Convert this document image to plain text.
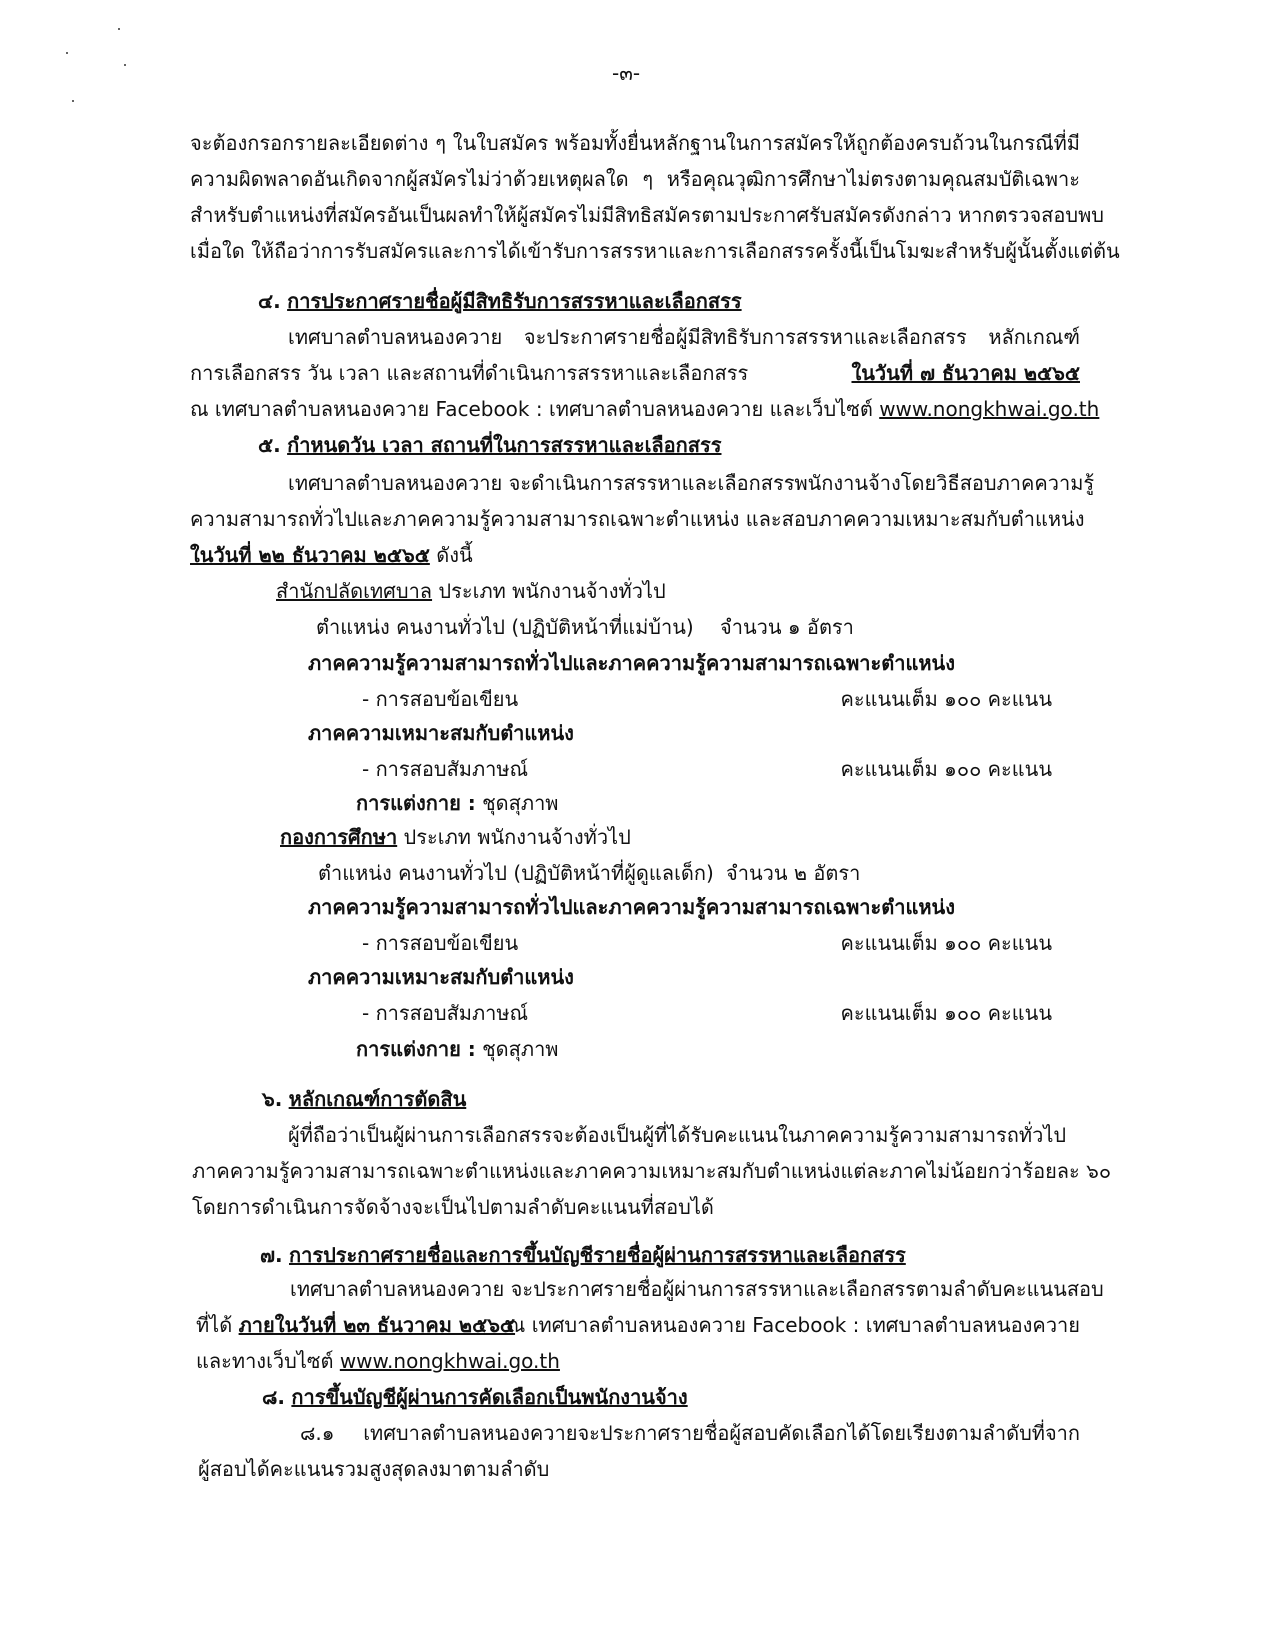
-๓-
จะต้องกรอกรายละเอียดต่าง ๆ ในใบสมัคร พร้อมทั้งยื่นหลักฐานในการสมัครให้ถูกต้องครบถ้วนในกรณีที่มี
ความผิดพลาดอันเกิดจากผู้สมัครไม่ว่าด้วยเหตุผลใด ๆ หรือคุณวุฒิการศึกษาไม่ตรงตามคุณสมบัติเฉพาะ
สำหรับตำแหน่งที่สมัครอันเป็นผลทำให้ผู้สมัครไม่มีสิทธิสมัครตามประกาศรับสมัครดังกล่าว หากตรวจสอบพบ
เมื่อใด ให้ถือว่าการรับสมัครและการได้เข้ารับการสรรหาและการเลือกสรรครั้งนี้เป็นโมฆะสำหรับผู้นั้นตั้งแต่ต้น
๔. การประกาศรายชื่อผู้มีสิทธิรับการสรรหาและเลือกสรร
เทศบาลตำบลหนองควาย จะประกาศรายชื่อผู้มีสิทธิรับการสรรหาและเลือกสรร หลักเกณฑ์
การเลือกสรร วัน เวลา และสถานที่ดำเนินการสรรหาและเลือกสรร	ในวันที่ ๗ ธันวาคม ๒๕๖๕
ณ เทศบาลตำบลหนองควาย Facebook : เทศบาลตำบลหนองควาย และเว็บไซต์ www.nongkhwai.go.th
๕. กำหนดวัน เวลา สถานที่ในการสรรหาและเลือกสรร
เทศบาลตำบลหนองควาย จะดำเนินการสรรหาและเลือกสรรพนักงานจ้างโดยวิธีสอบภาคความรู้
ความสามารถทั่วไปและภาคความรู้ความสามารถเฉพาะตำแหน่ง และสอบภาคความเหมาะสมกับตำแหน่ง
ในวันที่ ๒๒ ธันวาคม ๒๕๖๕ ดังนี้
สำนักปลัดเทศบาล ประเภท พนักงานจ้างทั่วไป
ตำแหน่ง คนงานทั่วไป (ปฏิบัติหน้าที่แม่บ้าน) จำนวน ๑ อัตรา
ภาคความรู้ความสามารถทั่วไปและภาคความรู้ความสามารถเฉพาะตำแหน่ง
- การสอบข้อเขียน	คะแนนเต็ม ๑๐๐ คะแนน
ภาคความเหมาะสมกับตำแหน่ง
- การสอบสัมภาษณ์	คะแนนเต็ม ๑๐๐ คะแนน
การแต่งกาย : ชุดสุภาพ
กองการศึกษา ประเภท พนักงานจ้างทั่วไป
ตำแหน่ง คนงานทั่วไป (ปฏิบัติหน้าที่ผู้ดูแลเด็ก) จำนวน ๒ อัตรา
ภาคความรู้ความสามารถทั่วไปและภาคความรู้ความสามารถเฉพาะตำแหน่ง
- การสอบข้อเขียน	คะแนนเต็ม ๑๐๐ คะแนน
ภาคความเหมาะสมกับตำแหน่ง
- การสอบสัมภาษณ์	คะแนนเต็ม ๑๐๐ คะแนน
การแต่งกาย : ชุดสุภาพ
๖. หลักเกณฑ์การตัดสิน
ผู้ที่ถือว่าเป็นผู้ผ่านการเลือกสรรจะต้องเป็นผู้ที่ได้รับคะแนนในภาคความรู้ความสามารถทั่วไป
ภาคความรู้ความสามารถเฉพาะตำแหน่งและภาคความเหมาะสมกับตำแหน่งแต่ละภาคไม่น้อยกว่าร้อยละ ๖๐
โดยการดำเนินการจัดจ้างจะเป็นไปตามลำดับคะแนนที่สอบได้
๗. การประกาศรายชื่อและการขึ้นบัญชีรายชื่อผู้ผ่านการสรรหาและเลือกสรร
เทศบาลตำบลหนองควาย จะประกาศรายชื่อผู้ผ่านการสรรหาและเลือกสรรตามลำดับคะแนนสอบ
ที่ได้ ภายในวันที่ ๒๓ ธันวาคม ๒๕๖๕
ณ เทศบาลตำบลหนองควาย Facebook : เทศบาลตำบลหนองควาย
และทางเว็บไซต์ www.nongkhwai.go.th
๘. การขึ้นบัญชีผู้ผ่านการคัดเลือกเป็นพนักงานจ้าง
๘.๑ เทศบาลตำบลหนองควายจะประกาศรายชื่อผู้สอบคัดเลือกได้โดยเรียงตามลำดับที่จาก
ผู้สอบได้คะแนนรวมสูงสุดลงมาตามลำดับ
